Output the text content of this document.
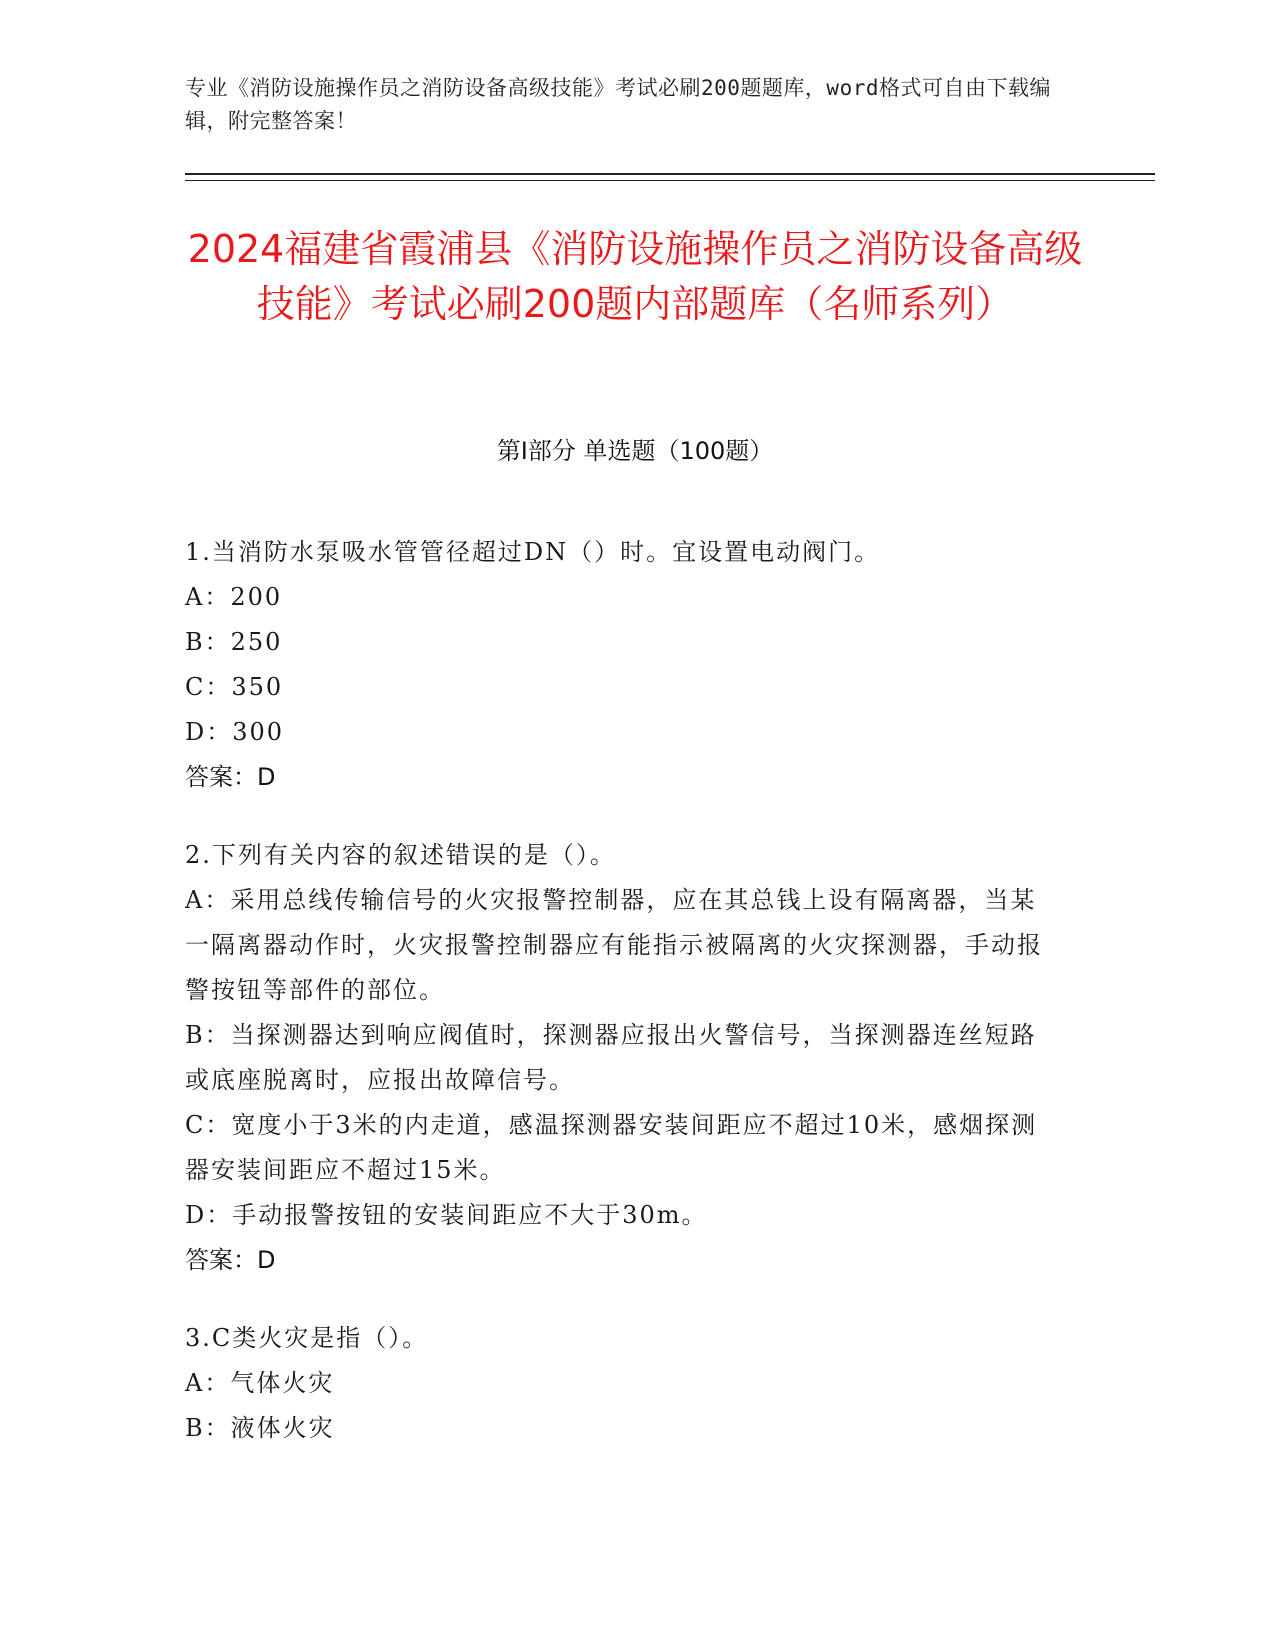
专业《消防设施操作员之消防设备高级技能》考试必刷200题题库，word格式可自由下载编辑，附完整答案！
2024福建省霞浦县《消防设施操作员之消防设备高级技能》考试必刷200题内部题库（名师系列）
第I部分 单选题（100题）

1.当消防水泵吸水管管径超过DN（）时。宜设置电动阀门。

A：200

B：250

C：350

D：300

答案：D

2.下列有关内容的叙述错误的是（）。

A：采用总线传输信号的火灾报警控制器，应在其总钱上设有隔离器，当某一隔离器动作时，火灾报警控制器应有能指示被隔离的火灾探测器，手动报警按钮等部件的部位。

B：当探测器达到响应阀值时，探测器应报出火警信号，当探测器连丝短路或底座脱离时，应报出故障信号。

C：宽度小于3米的内走道，感温探测器安装间距应不超过10米，感烟探测器安装间距应不超过15米。

D：手动报警按钮的安装间距应不大于30m。

答案：D

3.C类火灾是指（）。

A：气体火灾

B：液体火灾
